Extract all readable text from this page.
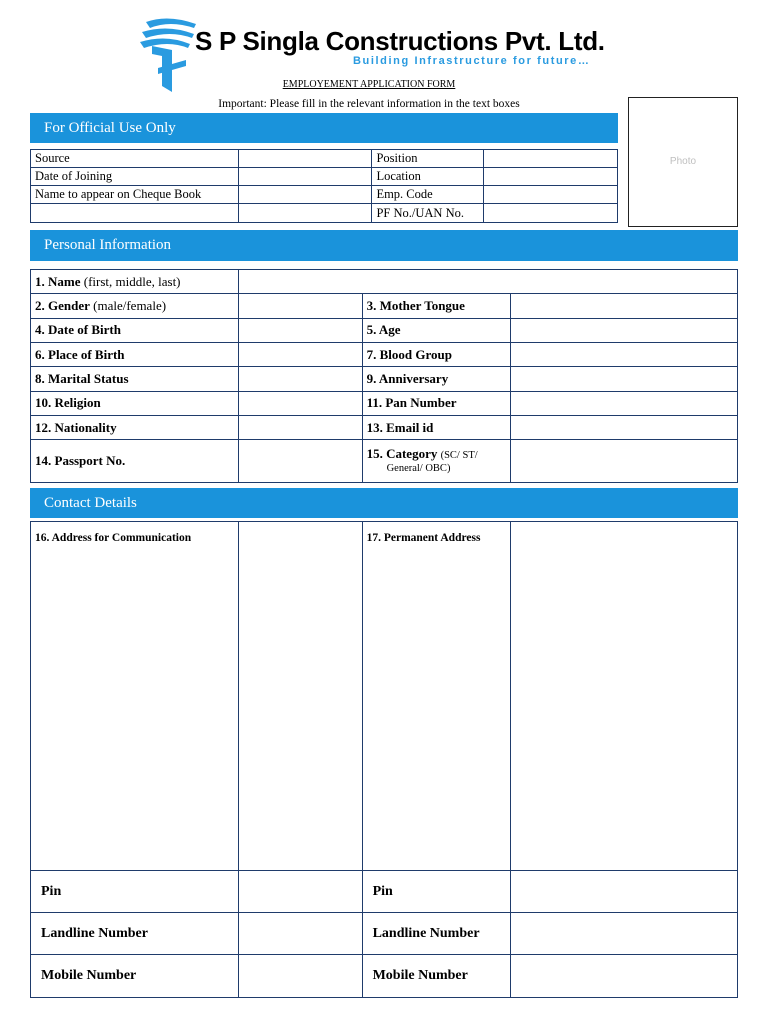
S P Singla Constructions Pvt. Ltd.
Building Infrastructure for future…
EMPLOYEMENT APPLICATION FORM
Important: Please fill in the relevant information in the text boxes
Photo
For Official Use Only
Source		Position	
Date of Joining		Location	
Name to appear on Cheque Book		Emp. Code	
		PF No./UAN No.	
Personal Information
1. Name (first, middle, last)			
2. Gender (male/female)		3. Mother Tongue	
4. Date of Birth		5. Age	
6. Place of Birth		7. Blood Group	
8. Marital Status		9. Anniversary	
10. Religion		11. Pan Number	
12. Nationality		13. Email id	
14. Passport No.		15. Category (SC/ ST/
General/ OBC)	
Contact Details
16. Address for Communication		17. Permanent Address	
Pin		Pin	
Landline Number		Landline Number	
Mobile Number		Mobile Number	
